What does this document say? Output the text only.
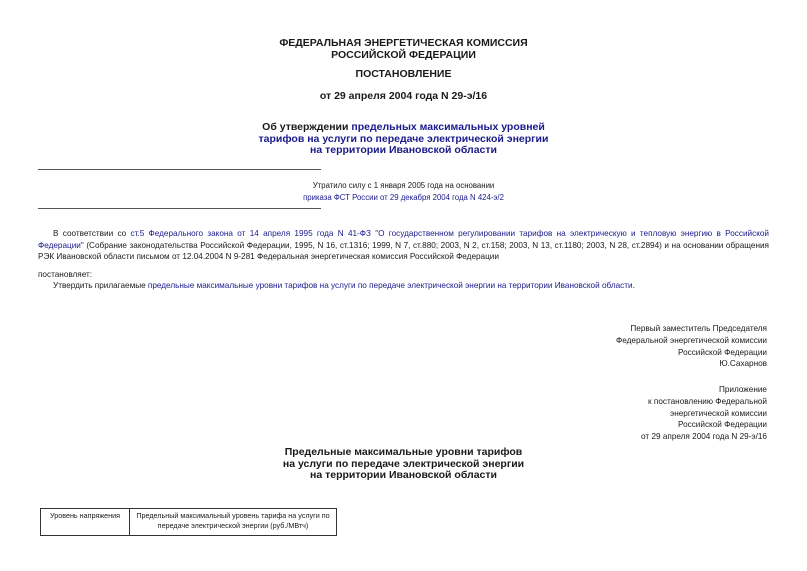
ФЕДЕРАЛЬНАЯ ЭНЕРГЕТИЧЕСКАЯ КОМИССИЯ
РОССИЙСКОЙ ФЕДЕРАЦИИ
ПОСТАНОВЛЕНИЕ
от 29 апреля 2004 года N 29-э/16
Об утверждении предельных максимальных уровней
тарифов на услуги по передаче электрической энергии
на территории Ивановской области
Утратило силу с 1 января 2005 года на основании
приказа ФСТ России от 29 декабря 2004 года N 424-э/2
В соответствии со ст.5 Федерального закона от 14 апреля 1995 года N 41-ФЗ "О государственном регулировании тарифов на электрическую и тепловую энергию в Российской Федерации" (Собрание законодательства Российской Федерации, 1995, N 16, ст.1316; 1999, N 7, ст.880; 2003, N 2, ст.158; 2003, N 13, ст.1180; 2003, N 28, ст.2894) и на основании обращения РЭК Ивановской области письмом от 12.04.2004 N 9-281 Федеральная энергетическая комиссия Российской Федерации
постановляет:
Утвердить прилагаемые предельные максимальные уровни тарифов на услуги по передаче электрической энергии на территории Ивановской области.
Первый заместитель Председателя
Федеральной энергетической комиссии
Российской Федерации
Ю.Сахарнов
Приложение
к постановлению Федеральной
энергетической комиссии
Российской Федерации
от 29 апреля 2004 года N 29-э/16
Предельные максимальные уровни тарифов
на услуги по передаче электрической энергии
на территории Ивановской области
Уровень напряжения	Предельный максимальный уровень тарифа на услуги по
передаче электрической энергии (руб./МВтч)
